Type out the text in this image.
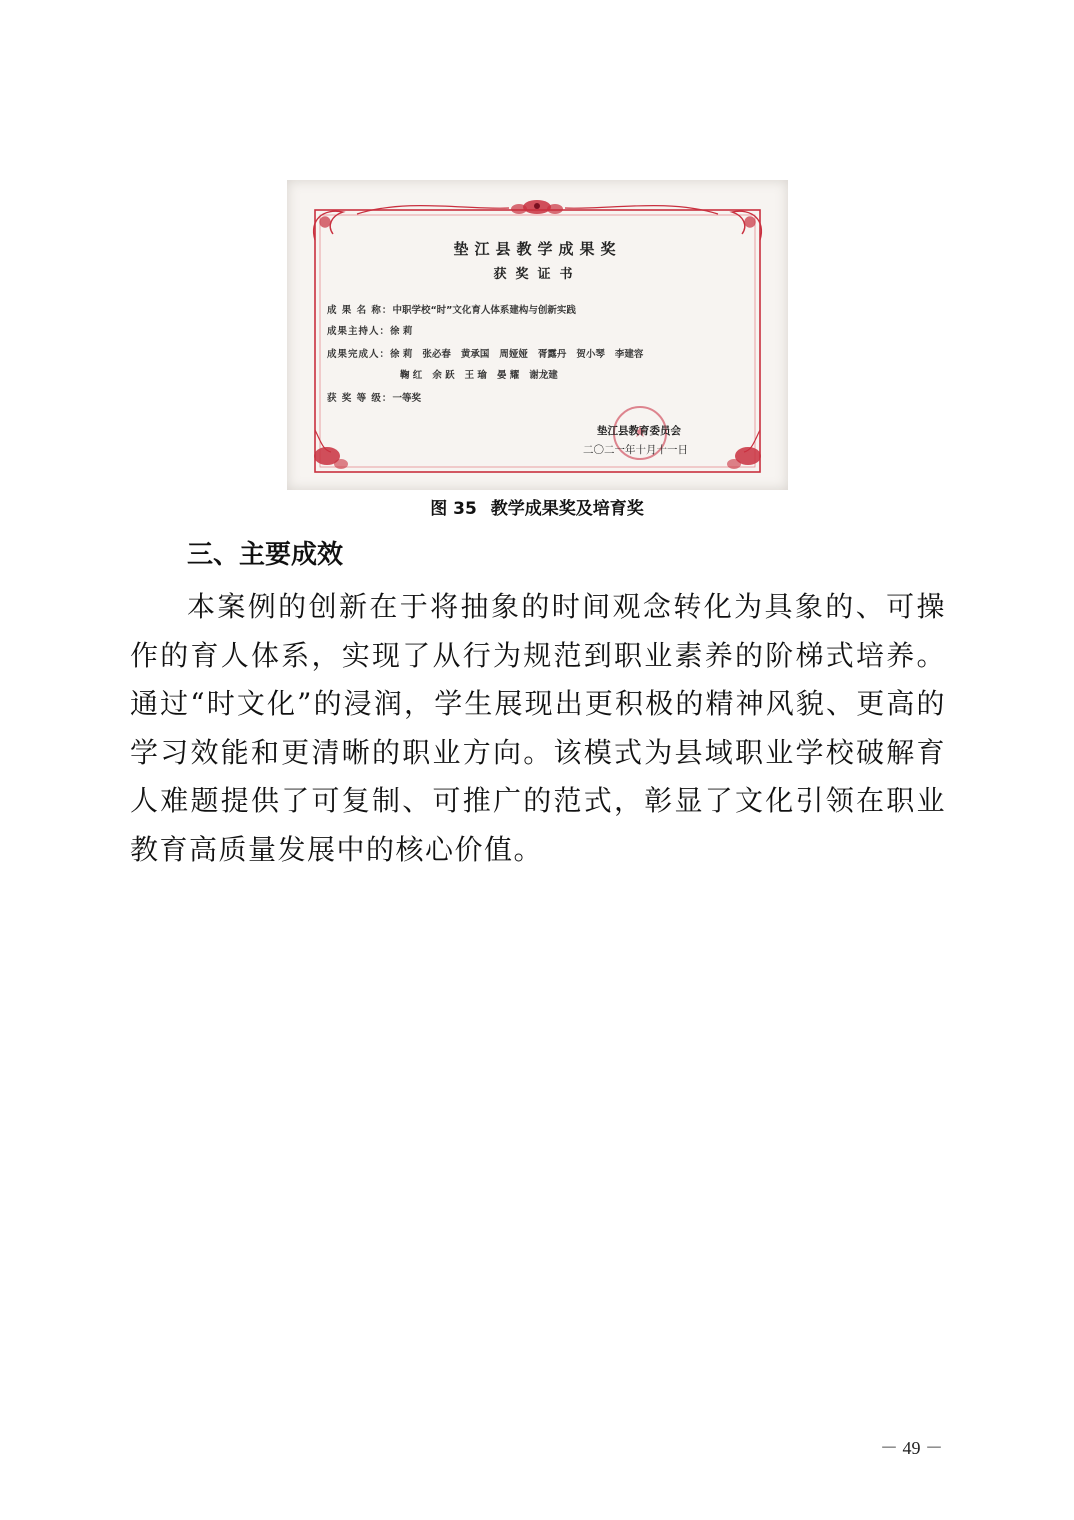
垫江县教学成果奖
获奖证书
成 果 名 称：中职学校“时”文化育人体系建构与创新实践
成果主持人：徐 莉
成果完成人：徐 莉 张必春 黄承国 周娅娅 胥露丹 贺小琴 李建容
鞠 红 余 跃 王 瑜 晏 耀 谢龙建
获 奖 等 级：一等奖
★
垫江县教育委员会
二〇二一年十月十一日
图 35 教学成果奖及培育奖
三、主要成效

本案例的创新在于将抽象的时间观念转化为具象的、可操作的育人体系，实现了从行为规范到职业素养的阶梯式培养。通过“时文化”的浸润，学生展现出更积极的精神风貌、更高的学习效能和更清晰的职业方向。该模式为县域职业学校破解育人难题提供了可复制、可推广的范式，彰显了文化引领在职业教育高质量发展中的核心价值。

－ 49 －
